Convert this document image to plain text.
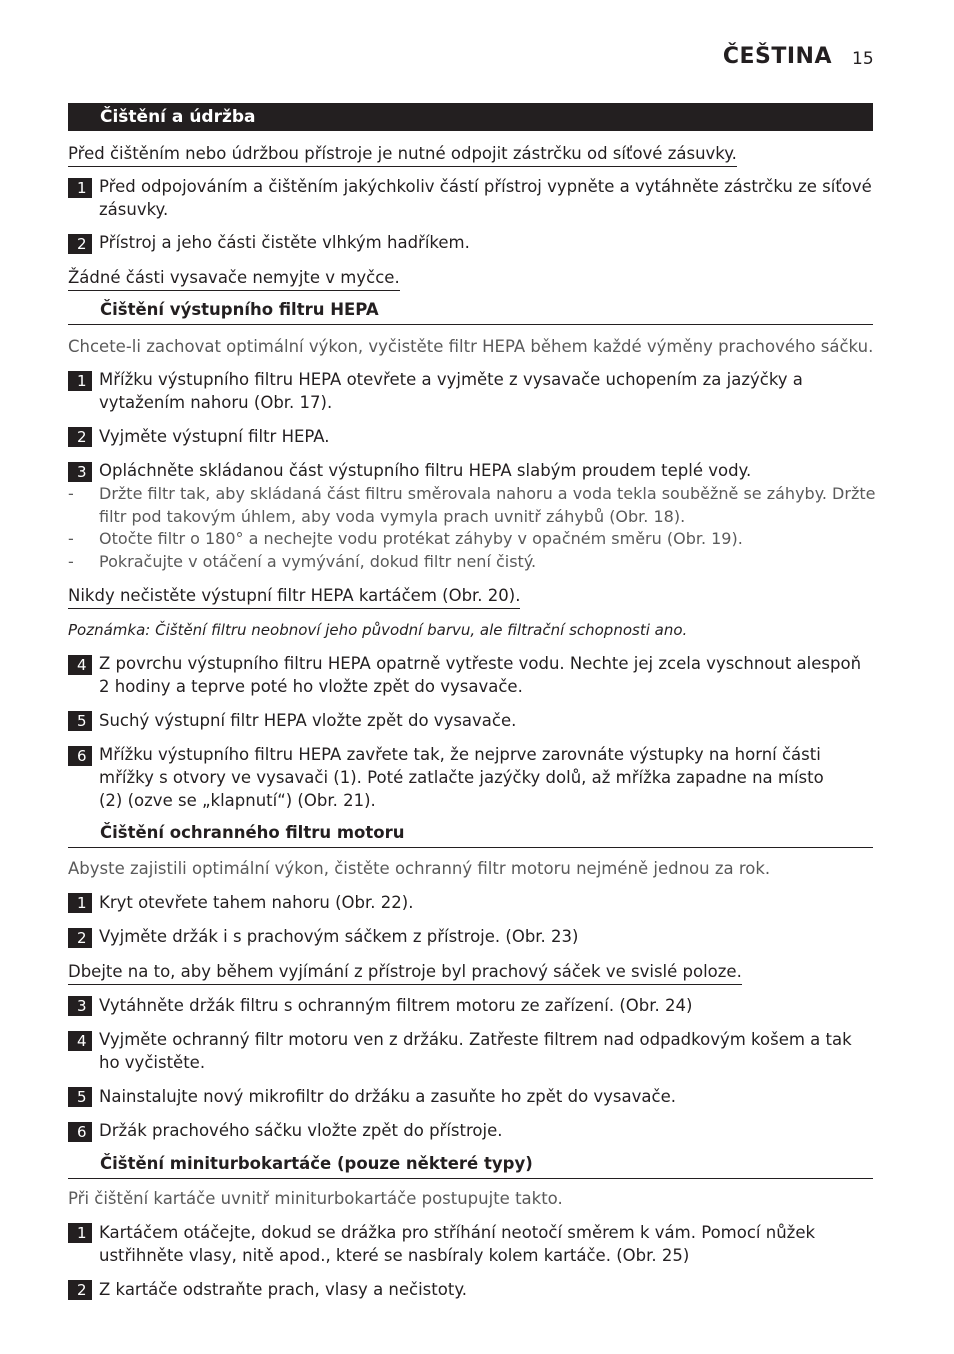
ČEŠTINA 15
Čištění a údržba
Před čištěním nebo údržbou přístroje je nutné odpojit zástrčku od síťové zásuvky.
1 Před odpojováním a čištěním jakýchkoliv částí přístroj vypněte a vytáhněte zástrčku ze síťové
zásuvky.
2 Přístroj a jeho části čistěte vlhkým hadříkem.
Žádné části vysavače nemyjte v myčce.
Čištění výstupního filtru HEPA
Chcete-li zachovat optimální výkon, vyčistěte filtr HEPA během každé výměny prachového sáčku.
1 Mřížku výstupního filtru HEPA otevřete a vyjměte z vysavače uchopením za jazýčky a
vytažením nahoru (Obr. 17).
2 Vyjměte výstupní filtr HEPA.
3 Opláchněte skládanou část výstupního filtru HEPA slabým proudem teplé vody.
- Držte filtr tak, aby skládaná část filtru směrovala nahoru a voda tekla souběžně se záhyby. Držte
filtr pod takovým úhlem, aby voda vymyla prach uvnitř záhybů (Obr. 18).
- Otočte filtr o 180° a nechejte vodu protékat záhyby v opačném směru (Obr. 19).
- Pokračujte v otáčení a vymývání, dokud filtr není čistý.
Nikdy nečistěte výstupní filtr HEPA kartáčem (Obr. 20).
Poznámka: Čištění filtru neobnoví jeho původní barvu, ale filtrační schopnosti ano.
4 Z povrchu výstupního filtru HEPA opatrně vytřeste vodu. Nechte jej zcela vyschnout alespoň
2 hodiny a teprve poté ho vložte zpět do vysavače.
5 Suchý výstupní filtr HEPA vložte zpět do vysavače.
6 Mřížku výstupního filtru HEPA zavřete tak, že nejprve zarovnáte výstupky na horní části
mřížky s otvory ve vysavači (1). Poté zatlačte jazýčky dolů, až mřížka zapadne na místo
(2) (ozve se „klapnutí“) (Obr. 21).
Čištění ochranného filtru motoru
Abyste zajistili optimální výkon, čistěte ochranný filtr motoru nejméně jednou za rok.
1 Kryt otevřete tahem nahoru (Obr. 22).
2 Vyjměte držák i s prachovým sáčkem z přístroje. (Obr. 23)
Dbejte na to, aby během vyjímání z přístroje byl prachový sáček ve svislé poloze.
3 Vytáhněte držák filtru s ochranným filtrem motoru ze zařízení. (Obr. 24)
4 Vyjměte ochranný filtr motoru ven z držáku. Zatřeste filtrem nad odpadkovým košem a tak
ho vyčistěte.
5 Nainstalujte nový mikrofiltr do držáku a zasuňte ho zpět do vysavače.
6 Držák prachového sáčku vložte zpět do přístroje.
Čištění miniturbokartáče (pouze některé typy)
Při čištění kartáče uvnitř miniturbokartáče postupujte takto.
1 Kartáčem otáčejte, dokud se drážka pro stříhání neotočí směrem k vám. Pomocí nůžek
ustřihněte vlasy, nitě apod., které se nasbíraly kolem kartáče. (Obr. 25)
2 Z kartáče odstraňte prach, vlasy a nečistoty.
